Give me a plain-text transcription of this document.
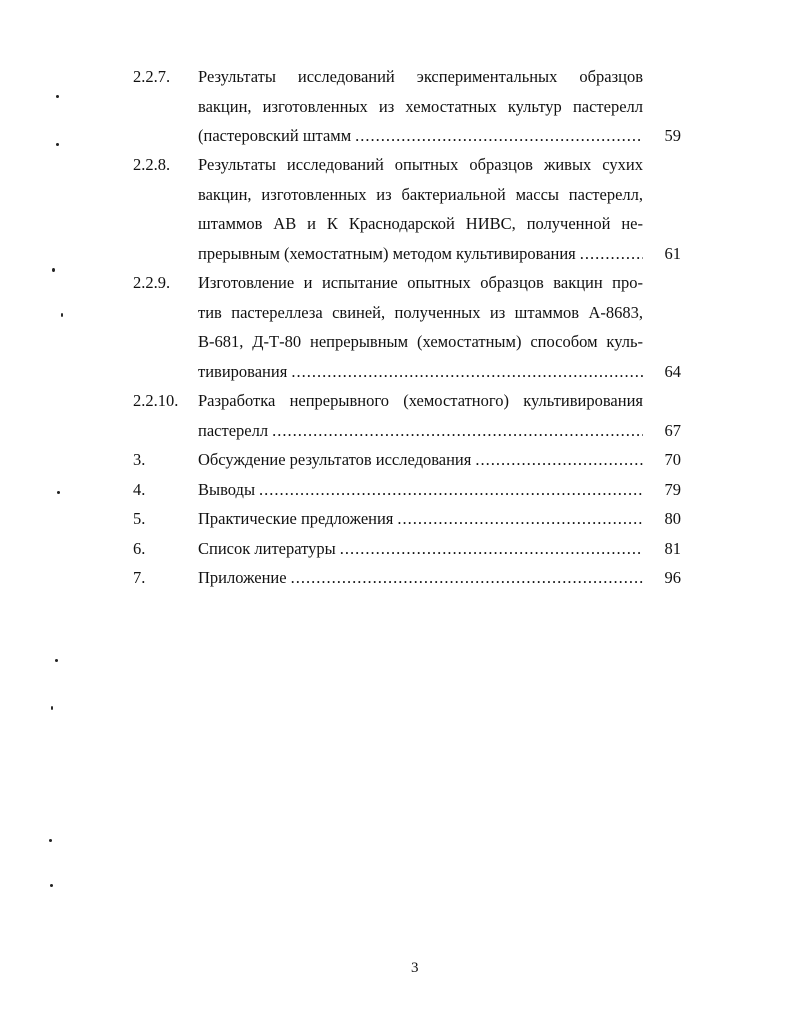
2.2.7. Результаты исследований экспериментальных образцов
вакцин, изготовленных из хемостатных культур пастерелл
(пастеровский штамм .....	59
2.2.8. Результаты исследований опытных образцов живых сухих
вакцин, изготовленных из бактериальной массы пастерелл,
штаммов АВ и К Краснодарской НИВС, полученной не-
прерывным (хемостатным) методом культивирования .....	61
2.2.9. Изготовление и испытание опытных образцов вакцин про-
тив пастереллеза свиней, полученных из штаммов А-8683,
В-681, Д-Т-80 непрерывным (хемостатным) способом куль-
тивирования .....	64
2.2.10. Разработка непрерывного (хемостатного) культивирования
пастерелл .....	67
3.	Обсуждение результатов исследования .....	70
4.	Выводы .....	79
5.	Практические предложения .....	80
6.	Список литературы .....	81
7.	Приложение .....	96
3
